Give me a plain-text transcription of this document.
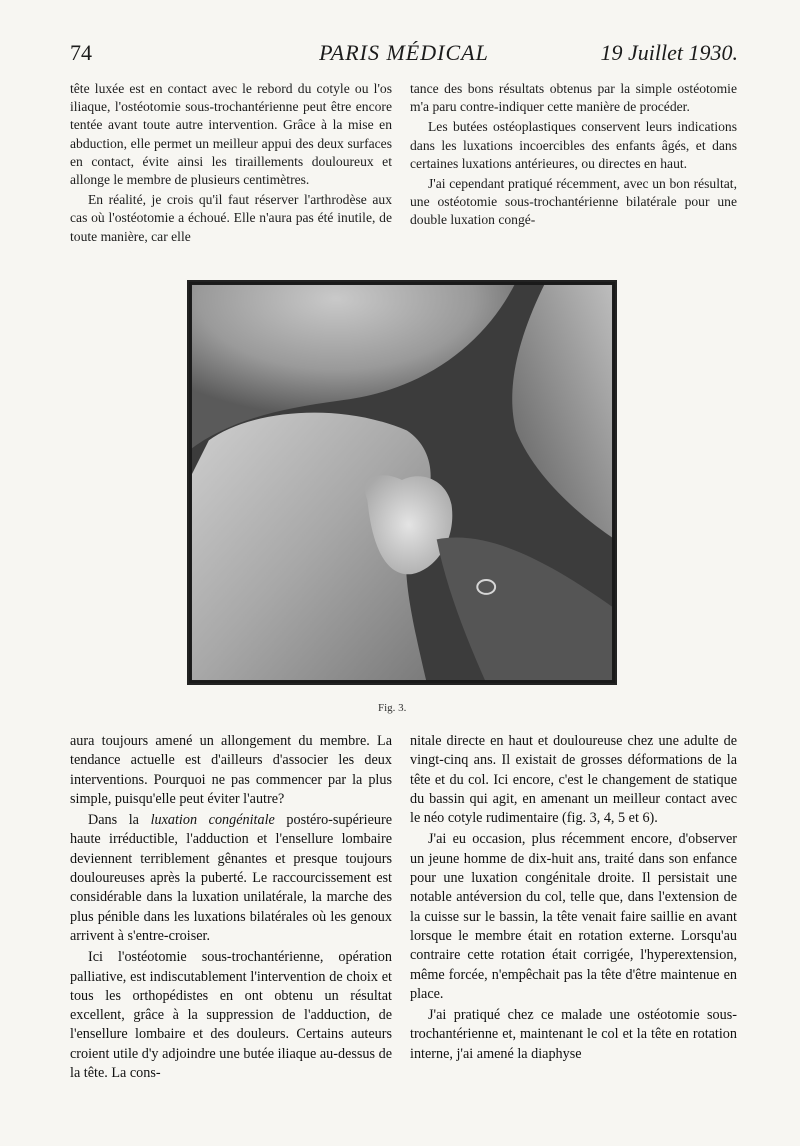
74	PARIS MÉDICAL	19 Juillet 1930.

tête luxée est en contact avec le rebord du cotyle ou l'os iliaque, l'ostéotomie sous-trochantérienne peut être encore tentée avant toute autre intervention. Grâce à la mise en abduction, elle permet un meilleur appui des deux surfaces en contact, évite ainsi les tiraillements douloureux et allonge le membre de plusieurs centimètres.

En réalité, je crois qu'il faut réserver l'arthrodèse aux cas où l'ostéotomie a échoué. Elle n'aura pas été inutile, de toute manière, car elle

tance des bons résultats obtenus par la simple ostéotomie m'a paru contre-indiquer cette manière de procéder.

Les butées ostéoplastiques conservent leurs indications dans les luxations incoercibles des enfants âgés, et dans certaines luxations antérieures, ou directes en haut.

J'ai cependant pratiqué récemment, avec un bon résultat, une ostéotomie sous-trochantérienne bilatérale pour une double luxation congé-

Fig. 3.

aura toujours amené un allongement du membre. La tendance actuelle est d'ailleurs d'associer les deux interventions. Pourquoi ne pas commencer par la plus simple, puisqu'elle peut éviter l'autre?

Dans la luxation congénitale postéro-supérieure haute irréductible, l'adduction et l'ensellure lombaire deviennent terriblement gênantes et presque toujours douloureuses après la puberté. Le raccourcissement est considérable dans la luxation unilatérale, la marche des plus pénible dans les luxations bilatérales où les genoux arrivent à s'entre-croiser.

Ici l'ostéotomie sous-trochantérienne, opération palliative, est indiscutablement l'intervention de choix et tous les orthopédistes en ont obtenu un résultat excellent, grâce à la suppression de l'adduction, de l'ensellure lombaire et des douleurs. Certains auteurs croient utile d'y adjoindre une butée iliaque au-dessus de la tête. La cons-

nitale directe en haut et douloureuse chez une adulte de vingt-cinq ans. Il existait de grosses déformations de la tête et du col. Ici encore, c'est le changement de statique du bassin qui agit, en amenant un meilleur contact avec le néo cotyle rudimentaire (fig. 3, 4, 5 et 6).

J'ai eu occasion, plus récemment encore, d'observer un jeune homme de dix-huit ans, traité dans son enfance pour une luxation congénitale droite. Il persistait une notable antéversion du col, telle que, dans l'extension de la cuisse sur le bassin, la tête venait faire saillie en avant lorsque le membre était en rotation externe. Lorsqu'au contraire cette rotation était corrigée, l'hyperextension, même forcée, n'empêchait pas la tête d'être maintenue en place.

J'ai pratiqué chez ce malade une ostéotomie sous-trochantérienne et, maintenant le col et la tête en rotation interne, j'ai amené la diaphyse
